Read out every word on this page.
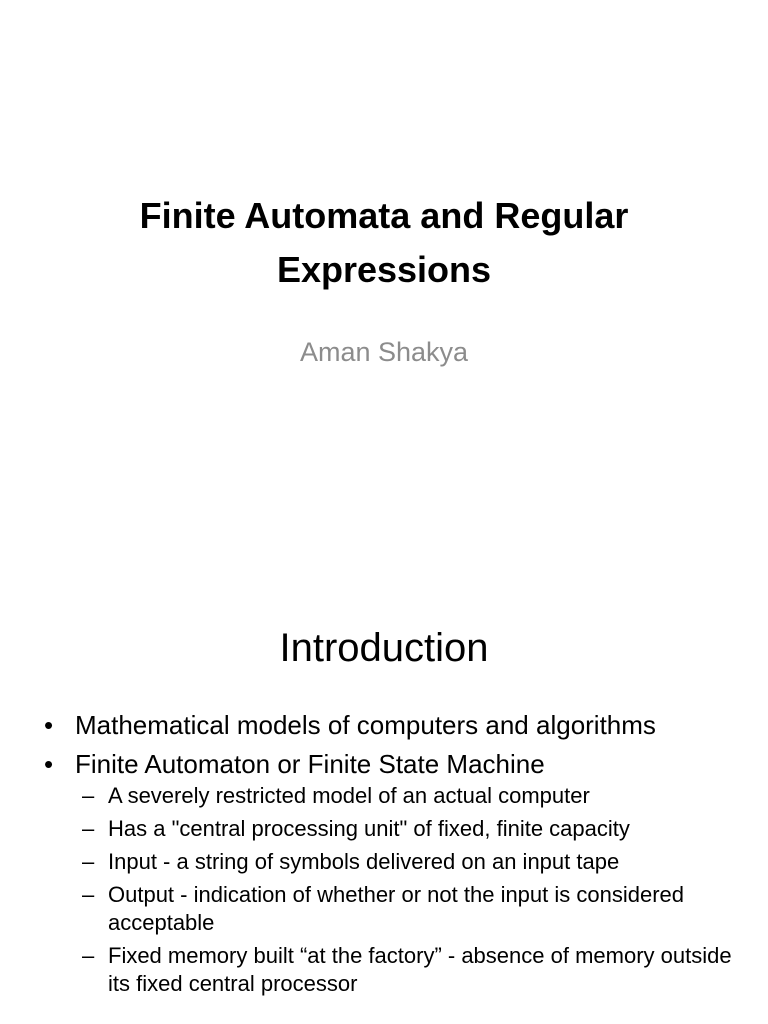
Finite Automata and Regular Expressions
Aman Shakya
Introduction
• Mathematical models of computers and algorithms
• Finite Automaton or Finite State Machine
– A severely restricted model of an actual computer
– Has a "central processing unit" of fixed, finite capacity
– Input - a string of symbols delivered on an input tape
– Output - indication of whether or not the input is considered acceptable
– Fixed memory built “at the factory” - absence of memory outside its fixed central processor
